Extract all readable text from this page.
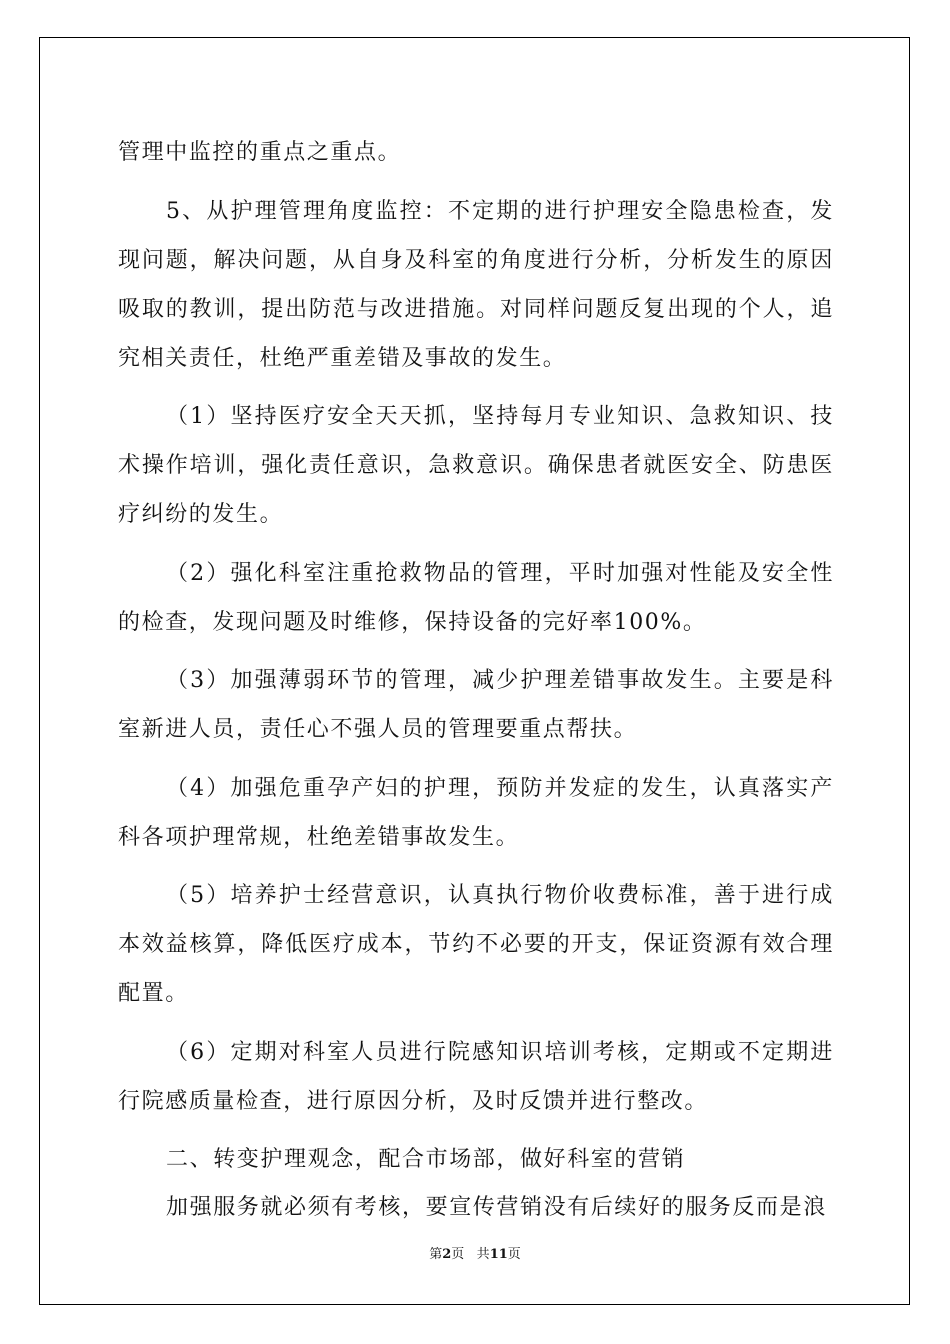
管理中监控的重点之重点。

5、从护理管理角度监控：不定期的进行护理安全隐患检查，发现问题，解决问题，从自身及科室的角度进行分析，分析发生的原因吸取的教训，提出防范与改进措施。对同样问题反复出现的个人，追究相关责任，杜绝严重差错及事故的发生。

（1）坚持医疗安全天天抓，坚持每月专业知识、急救知识、技术操作培训，强化责任意识，急救意识。确保患者就医安全、防患医疗纠纷的发生。

（2）强化科室注重抢救物品的管理，平时加强对性能及安全性的检查，发现问题及时维修，保持设备的完好率100%。

（3）加强薄弱环节的管理，减少护理差错事故发生。主要是科室新进人员，责任心不强人员的管理要重点帮扶。

（4）加强危重孕产妇的护理，预防并发症的发生，认真落实产科各项护理常规，杜绝差错事故发生。

（5）培养护士经营意识，认真执行物价收费标准，善于进行成本效益核算，降低医疗成本，节约不必要的开支，保证资源有效合理配置。

（6）定期对科室人员进行院感知识培训考核，定期或不定期进行院感质量检查，进行原因分析，及时反馈并进行整改。

二、转变护理观念，配合市场部，做好科室的营销

加强服务就必须有考核，要宣传营销没有后续好的服务反而是浪

第2页 共11页
